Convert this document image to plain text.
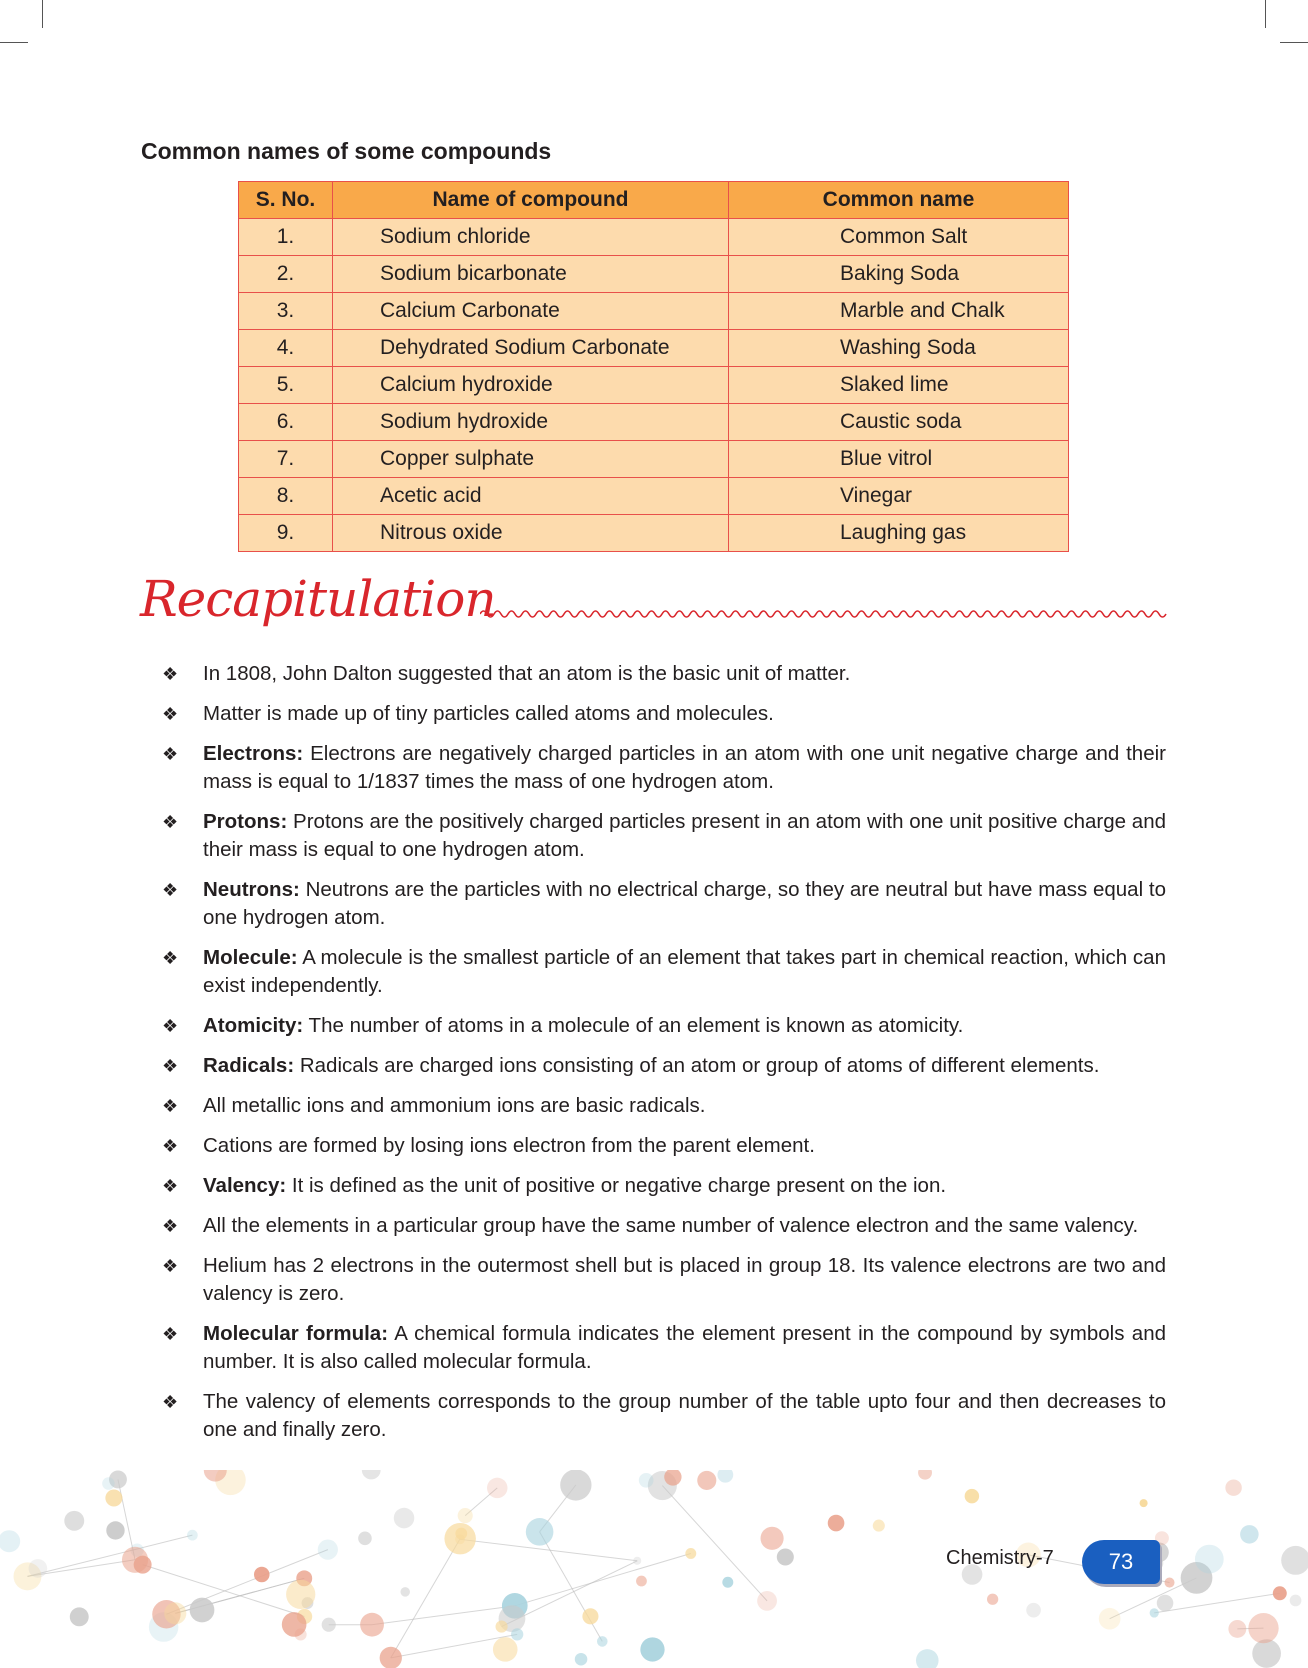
Common names of some compounds
S. No.	Name of compound	Common name
1.	Sodium chloride	Common Salt
2.	Sodium bicarbonate	Baking Soda
3.	Calcium Carbonate	Marble and Chalk
4.	Dehydrated Sodium Carbonate	Washing Soda
5.	Calcium hydroxide	Slaked lime
6.	Sodium hydroxide	Caustic soda
7.	Copper sulphate	Blue vitrol
8.	Acetic acid	Vinegar
9.	Nitrous oxide	Laughing gas
Recapitulation
❖ In 1808, John Dalton suggested that an atom is the basic unit of matter.
❖ Matter is made up of tiny particles called atoms and molecules.
❖ Electrons: Electrons are negatively charged particles in an atom with one unit negative charge and their mass is equal to 1/1837 times the mass of one hydrogen atom.
❖ Protons: Protons are the positively charged particles present in an atom with one unit positive charge and their mass is equal to one hydrogen atom.
❖ Neutrons: Neutrons are the particles with no electrical charge, so they are neutral but have mass equal to one hydrogen atom.
❖ Molecule: A molecule is the smallest particle of an element that takes part in chemical reaction, which can exist independently.
❖ Atomicity: The number of atoms in a molecule of an element is known as atomicity.
❖ Radicals: Radicals are charged ions consisting of an atom or group of atoms of different elements.
❖ All metallic ions and ammonium ions are basic radicals.
❖ Cations are formed by losing ions electron from the parent element.
❖ Valency: It is defined as the unit of positive or negative charge present on the ion.
❖ All the elements in a particular group have the same number of valence electron and the same valency.
❖ Helium has 2 electrons in the outermost shell but is placed in group 18. Its valence electrons are two and valency is zero.
❖ Molecular formula: A chemical formula indicates the element present in the compound by symbols and number. It is also called molecular formula.
❖ The valency of elements corresponds to the group number of the table upto four and then decreases to one and finally zero.
Chemistry-7	73
